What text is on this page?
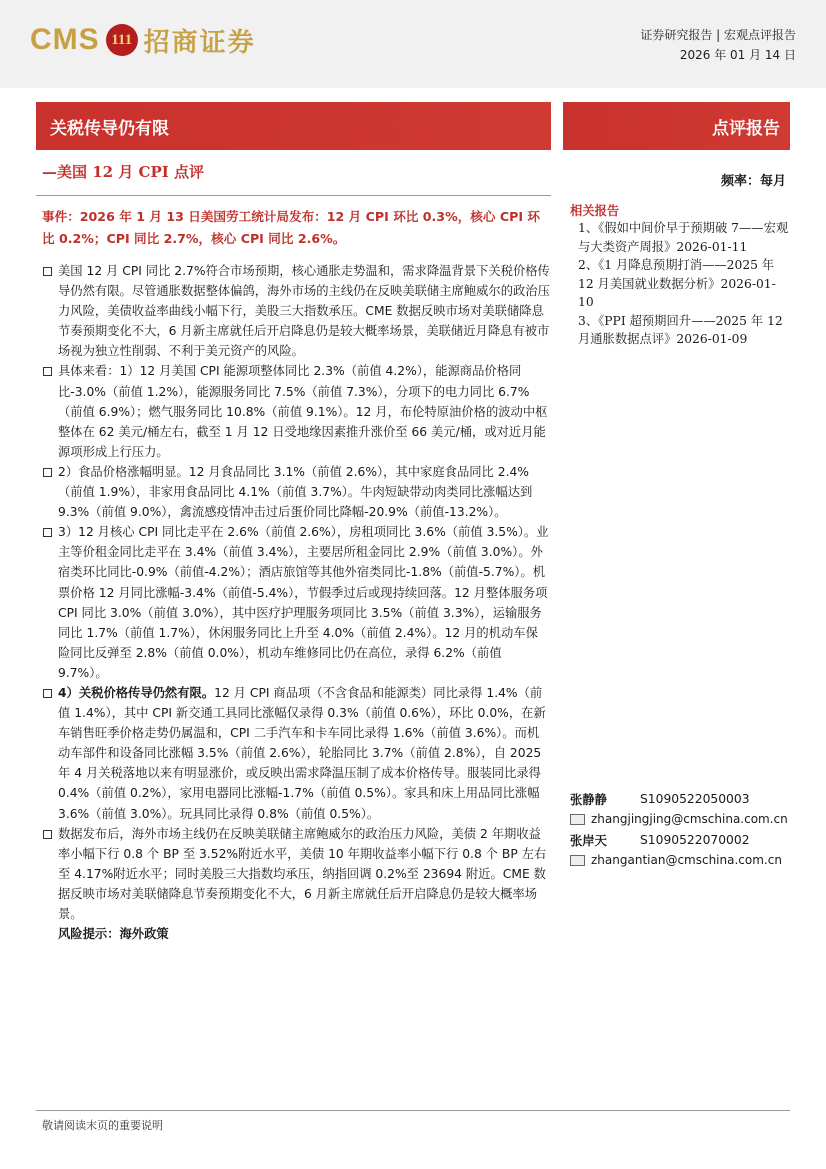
CMS 111 招商证券	证券研究报告 | 宏观点评报告
2026 年 01 月 14 日
关税传导仍有限	点评报告
—美国 12 月 CPI 点评
频率：每月
事件：2026 年 1 月 13 日美国劳工统计局发布：12 月 CPI 环比 0.3%，核心 CPI 环比 0.2%；CPI 同比 2.7%，核心 CPI 同比 2.6%。
美国 12 月 CPI 同比 2.7%符合市场预期，核心通胀走势温和，需求降温背景下关税价格传导仍然有限。尽管通胀数据整体偏鸽，海外市场的主线仍在反映美联储主席鲍威尔的政治压力风险，美债收益率曲线小幅下行，美股三大指数承压。CME 数据反映市场对美联储降息节奏预期变化不大，6 月新主席就任后开启降息仍是较大概率场景，美联储近月降息有被市场视为独立性削弱、不利于美元资产的风险。
具体来看：1）12 月美国 CPI 能源项整体同比 2.3%（前值 4.2%），能源商品价格同比-3.0%（前值 1.2%），能源服务同比 7.5%（前值 7.3%），分项下的电力同比 6.7%（前值 6.9%）；燃气服务同比 10.8%（前值 9.1%）。12 月，布伦特原油价格的波动中枢整体在 62 美元/桶左右，截至 1 月 12 日受地缘因素推升涨价至 66 美元/桶，或对近月能源项形成上行压力。
2）食品价格涨幅明显。12 月食品同比 3.1%（前值 2.6%），其中家庭食品同比 2.4%（前值 1.9%），非家用食品同比 4.1%（前值 3.7%）。牛肉短缺带动肉类同比涨幅达到 9.3%（前值 9.0%），禽流感疫情冲击过后蛋价同比降幅-20.9%（前值-13.2%）。
3）12 月核心 CPI 同比走平在 2.6%（前值 2.6%），房租项同比 3.6%（前值 3.5%）。业主等价租金同比走平在 3.4%（前值 3.4%），主要居所租金同比 2.9%（前值 3.0%）。外宿类环比同比-0.9%（前值-4.2%）；酒店旅馆等其他外宿类同比-1.8%（前值-5.7%）。机票价格 12 月同比涨幅-3.4%（前值-5.4%），节假季过后或现持续回落。12 月整体服务项 CPI 同比 3.0%（前值 3.0%），其中医疗护理服务项同比 3.5%（前值 3.3%），运输服务同比 1.7%（前值 1.7%），休闲服务同比上升至 4.0%（前值 2.4%）。12 月的机动车保险同比反弹至 2.8%（前值 0.0%），机动车维修同比仍在高位，录得 6.2%（前值 9.7%）。
4）关税价格传导仍然有限。12 月 CPI 商品项（不含食品和能源类）同比录得 1.4%（前值 1.4%），其中 CPI 新交通工具同比涨幅仅录得 0.3%（前值 0.6%），环比 0.0%，在新车销售旺季价格走势仍属温和，CPI 二手汽车和卡车同比录得 1.6%（前值 3.6%）。而机动车部件和设备同比涨幅 3.5%（前值 2.6%），轮胎同比 3.7%（前值 2.8%），自 2025 年 4 月关税落地以来有明显涨价，或反映出需求降温压制了成本价格传导。服装同比录得 0.4%（前值 0.2%），家用电器同比涨幅-1.7%（前值 0.5%）。家具和床上用品同比涨幅 3.6%（前值 3.0%）。玩具同比录得 0.8%（前值 0.5%）。
数据发布后，海外市场主线仍在反映美联储主席鲍威尔的政治压力风险，美债 2 年期收益率小幅下行 0.8 个 BP 至 3.52%附近水平，美债 10 年期收益率小幅下行 0.8 个 BP 左右至 4.17%附近水平；同时美股三大指数均承压，纳指回调 0.2%至 23694 附近。CME 数据反映市场对美联储降息节奏预期变化不大，6 月新主席就任后开启降息仍是较大概率场景。
风险提示：海外政策
相关报告
1、《假如中间价早于预期破 7——宏观与大类资产周报》2026-01-11
2、《1 月降息预期打消——2025 年 12 月美国就业数据分析》2026-01-10
3、《PPI 超预期回升——2025 年 12 月通胀数据点评》2026-01-09
张静静	S1090522050003
zhangjingjing@cmschina.com.cn
张岸天	S1090522070002
zhangantian@cmschina.com.cn
敬请阅读末页的重要说明
